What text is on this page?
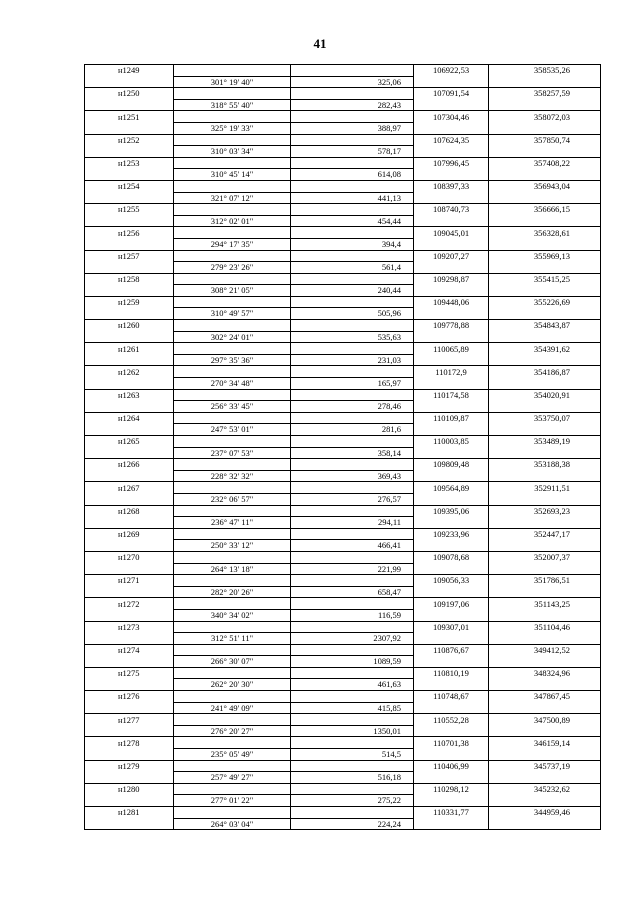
41
н1249			106922,53	358535,26
	301° 19' 40"	325,06		
н1250			107091,54	358257,59
	318° 55' 40"	282,43		
н1251			107304,46	358072,03
	325° 19' 33"	388,97		
н1252			107624,35	357850,74
	310° 03' 34"	578,17		
н1253			107996,45	357408,22
	310° 45' 14"	614,08		
н1254			108397,33	356943,04
	321° 07' 12"	441,13		
н1255			108740,73	356666,15
	312° 02' 01"	454,44		
н1256			109045,01	356328,61
	294° 17' 35"	394,4		
н1257			109207,27	355969,13
	279° 23' 26"	561,4		
н1258			109298,87	355415,25
	308° 21' 05"	240,44		
н1259			109448,06	355226,69
	310° 49' 57"	505,96		
н1260			109778,88	354843,87
	302° 24' 01"	535,63		
н1261			110065,89	354391,62
	297° 35' 36"	231,03		
н1262			110172,9	354186,87
	270° 34' 48"	165,97		
н1263			110174,58	354020,91
	256° 33' 45"	278,46		
н1264			110109,87	353750,07
	247° 53' 01"	281,6		
н1265			110003,85	353489,19
	237° 07' 53"	358,14		
н1266			109809,48	353188,38
	228° 32' 32"	369,43		
н1267			109564,89	352911,51
	232° 06' 57"	276,57		
н1268			109395,06	352693,23
	236° 47' 11"	294,11		
н1269			109233,96	352447,17
	250° 33' 12"	466,41		
н1270			109078,68	352007,37
	264° 13' 18"	221,99		
н1271			109056,33	351786,51
	282° 20' 26"	658,47		
н1272			109197,06	351143,25
	340° 34' 02"	116,59		
н1273			109307,01	351104,46
	312° 51' 11"	2307,92		
н1274			110876,67	349412,52
	266° 30' 07"	1089,59		
н1275			110810,19	348324,96
	262° 20' 30"	461,63		
н1276			110748,67	347867,45
	241° 49' 09"	415,85		
н1277			110552,28	347500,89
	276° 20' 27"	1350,01		
н1278			110701,38	346159,14
	235° 05' 49"	514,5		
н1279			110406,99	345737,19
	257° 49' 27"	516,18		
н1280			110298,12	345232,62
	277° 01' 22"	275,22		
н1281			110331,77	344959,46
	264° 03' 04"	224,24		
